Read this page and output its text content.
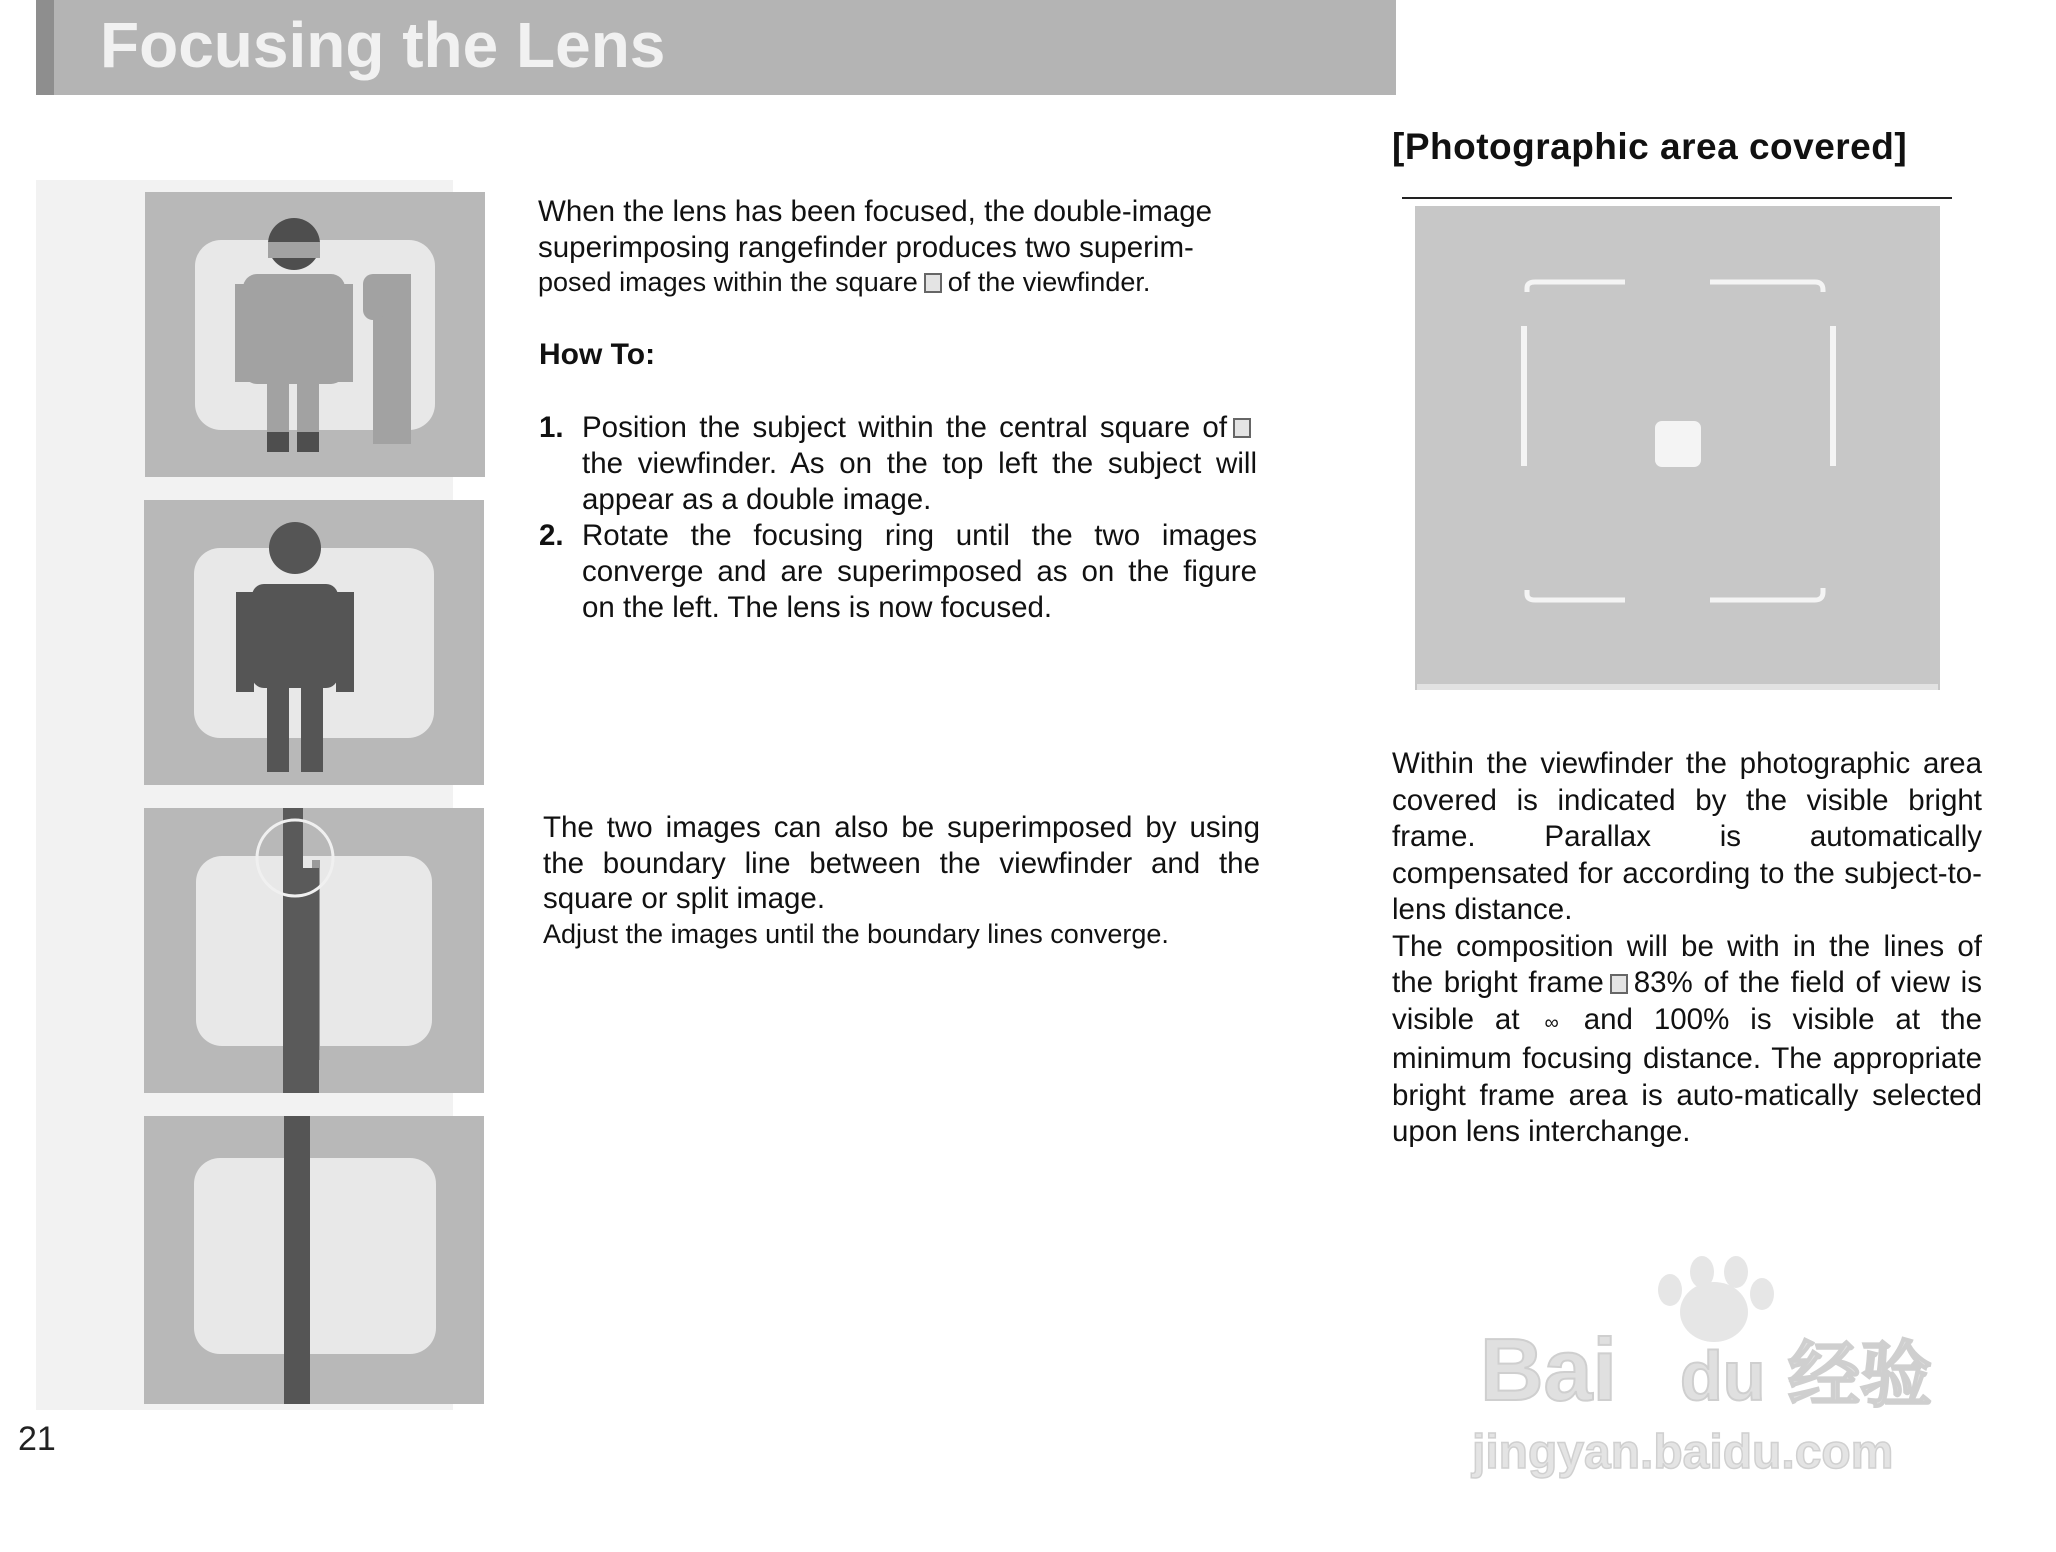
Focusing the Lens

When the lens has been focused, the double-image

superimposing rangefinder produces two superim-

posed images within the square of the viewfinder.

How To:
1. Position the subject within the central square of the viewfinder. As on the top left the subject will appear as a double image.
2. Rotate the focusing ring until the two images converge and are superimposed as on the figure on the left. The lens is now focused.

The two images can also be superimposed by using the boundary line between the viewfinder and the square or split image.

Adjust the images until the boundary lines converge.

[Photographic area covered]

Within the viewfinder the photographic area covered is indicated by the visible bright frame. Parallax is automatically compensated for according to the subject-to-lens distance.

The composition will be with in the lines of the bright frame 83% of the field of view is visible at ∞ and 100% is visible at the minimum focusing distance. The appropriate bright frame area is auto-matically selected upon lens interchange.

21
Bai du 经验
jingyan.baidu.com
